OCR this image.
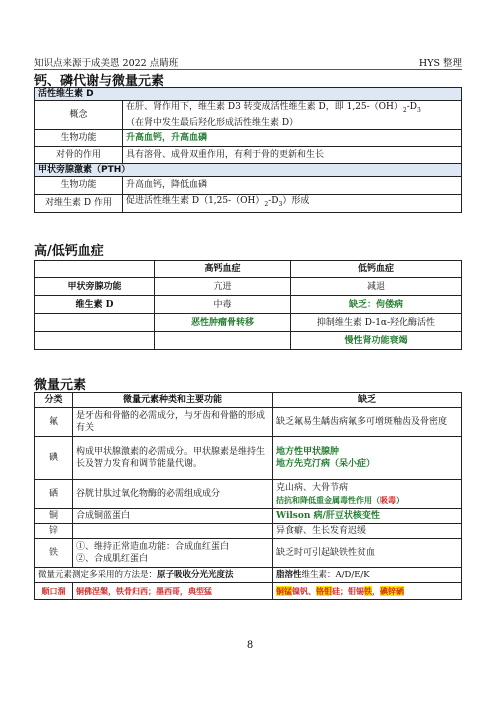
知识点来源于成美恩 2022 点睛班	HYS 整理
钙、磷代谢与微量元素
活性维生素 D	
概念	在肝、肾作用下，维生素 D3 转变成活性维生素 D，即 $1,25-(OH)_2-D_3$
（在肾中发生最后羟化形成活性维生素 D）

生物功能	升高血钙，升高血磷
对骨的作用	具有溶骨、成骨双重作用，有利于骨的更新和生长
甲状旁腺激素（PTH）	
生物功能	升高血钙，降低血磷
对维生素 D 作用	促进活性维生素 $D(1,25-(OH)_2-D_3)$形成
高/低钙血症
	高钙血症	低钙血症
甲状旁腺功能	亢进	减退
维生素 D	中毒	缺乏：佝偻病
	恶性肿瘤骨转移	抑制维生素 D-1α-羟化酶活性
		慢性肾功能衰竭
微量元素
分类	微量元素种类和主要功能	缺乏
氟	是牙齿和骨骼的必需成分，与牙齿和骨骼的形成有关	缺乏氟易生龋齿病氟多可增斑釉齿及骨密度
碘	构成甲状腺激素的必需成分。甲状腺素是维持生长及智力发育和调节能量代谢。	地方性甲状腺肿
地方先克汀病（呆小症）

硒	谷胱甘肽过氧化物酶的必需组成成分	克山病、大骨节病
拮抗和降低重金属毒性作用（吸毒）

铜	合成铜蓝蛋白	Wilson 病/肝豆状核变性
锌		异食癖、生长发育迟缓
铁	①、维持正常造血功能：合成血红蛋白
②、合成肌红蛋白	缺乏时可引起缺铁性贫血
微量元素测定多采用的方法是：原子吸收分光光度法		脂溶性维生素：A/D/E/K
顺口溜	铜佛涅槃，铁骨归西；墨西哥，典型猛	铜锰镍钒、铬钼硅；钼锡铁，碘锌硒
8
